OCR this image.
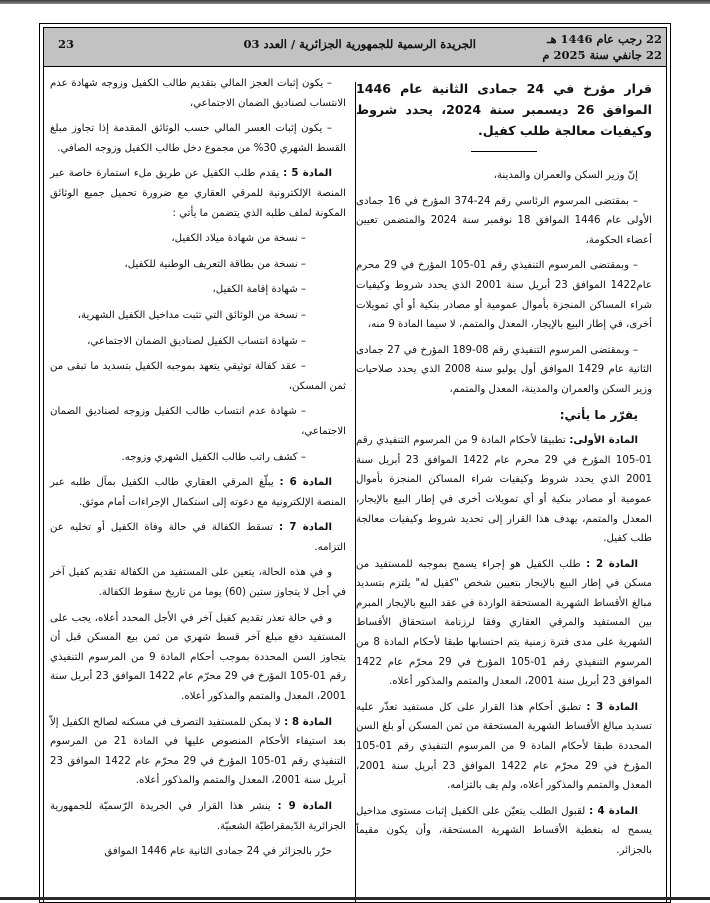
22 رجب عام 1446 هـ
22 جانفي سنة 2025 م
الجريدة الرسمية للجمهورية الجزائرية / العدد 03
23
قرار مؤرخ في 24 جمادى الثانية عام 1446 الموافق 26 ديسمبر سنة 2024، يحدد شروط وكيفيات معالجة طلب كفيل.

إنّ وزير السكن والعمران والمدينة،

– بمقتضى المرسوم الرئاسي رقم 24-374 المؤرخ في 16 جمادى الأولى عام 1446 الموافق 18 نوفمبر سنة 2024 والمتضمن تعيين أعضاء الحكومة،

– وبمقتضى المرسوم التنفيذي رقم 01-105 المؤرخ في 29 محرم عام1422 الموافق 23 أبريل سنة 2001 الذي يحدد شروط وكيفيات شراء المساكن المنجزة بأموال عمومية أو مصادر بنكية أو أي تمويلات أخرى، في إطار البيع بالإيجار، المعدل والمتمم، لا سيما المادة 9 منه،

– وبمقتضى المرسوم التنفيذي رقم 08-189 المؤرخ في 27 جمادى الثانية عام 1429 الموافق أول يوليو سنة 2008 الذي يحدد صلاحيات وزير السكن والعمران والمدينة، المعدل والمتمم،

يقرّر ما يأتي:

المادة الأولى: تطبيقا لأحكام المادة 9 من المرسوم التنفيذي رقم 01-105 المؤرخ في 29 محرم عام 1422 الموافق 23 أبريل سنة 2001 الذي يحدد شروط وكيفيات شراء المساكن المنجزة بأموال عمومية أو مصادر بنكية أو أي تمويلات أخرى في إطار البيع بالإيجار، المعدل والمتمم، يهدف هذا القرار إلى تحديد شروط وكيفيات معالجة طلب كفيل.

المادة 2 : طلب الكفيل هو إجراء يسمح بموجبه للمستفيد من مسكن في إطار البيع بالإيجار بتعيين شخص "كفيل له" يلتزم بتسديد مبالغ الأقساط الشهرية المستحقة الواردة في عقد البيع بالإيجار المبرم بين المستفيد والمرقي العقاري وفقا لرزنامة استحقاق الأقساط الشهرية على مدى فترة زمنية يتم احتسابها طبقا لأحكام المادة 8 من المرسوم التنفيذي رقم 01-105 المؤرخ في 29 محرّم عام 1422 الموافق 23 أبريل سنة 2001، المعدل والمتمم والمذكور أعلاه.

المادة 3 : تطبق أحكام هذا القرار على كل مستفيد تعذّر عليه تسديد مبالغ الأقساط الشهرية المستحقة من ثمن المسكن أو بلغ السن المحددة طبقا لأحكام المادة 9 من المرسوم التنفيذي رقم 01-105 المؤرخ في 29 محرّم عام 1422 الموافق 23 أبريل سنة 2001، المعدل والمتمم والمذكور أعلاه، ولم يف بالتزامه.

المادة 4 : لقبول الطلب يتعيّن على الكفيل إثبات مستوى مداخيل يسمح له بتغطية الأقساط الشهرية المستحقة، وأن يكون مقيماً بالجزائر.

– يكون إثبات العجز المالي بتقديم طالب الكفيل وزوجه شهادة عدم الانتساب لصناديق الضمان الاجتماعي،

– يكون إثبات العسر المالي حسب الوثائق المقدمة إذا تجاوز مبلغ القسط الشهري 30% من مجموع دخل طالب الكفيل وزوجه الصافي.

المادة 5 : يقدم طلب الكفيل عن طريق ملء استمارة خاصة عبر المنصة الإلكترونية للمرقي العقاري مع ضرورة تحميل جميع الوثائق المكونة لملف طلبه الذي يتضمن ما يأتي :

– نسخة من شهادة ميلاد الكفيل،

– نسخة من بطاقة التعريف الوطنية للكفيل،

– شهادة إقامة الكفيل،

– نسخة من الوثائق التي تثبت مداخيل الكفيل الشهرية،

– شهادة انتساب الكفيل لصناديق الضمان الاجتماعي،

– عقد كفالة توثيقي يتعهد بموجبه الكفيل بتسديد ما تبقى من ثمن المسكن،

– شهادة عدم انتساب طالب الكفيل وزوجه لصناديق الضمان الاجتماعي،

– كشف راتب طالب الكفيل الشهري وزوجه.

المادة 6 : يبلّغ المرقي العقاري طالب الكفيل بمآل طلبه عبر المنصة الإلكترونية مع دعوته إلى استكمال الإجراءات أمام موثق.

المادة 7 : تسقط الكفالة في حالة وفاة الكفيل أو تخليه عن التزامه.

و في هذه الحالة، يتعين على المستفيد من الكفالة تقديم كفيل آخر في أجل لا يتجاوز ستين (60) يوما من تاريخ سقوط الكفالة.

و في حالة تعذر تقديم كفيل آخر في الأجل المحدد أعلاه، يجب على المستفيد دفع مبلغ آخر قسط شهري من ثمن بيع المسكن قبل أن يتجاوز السن المحددة بموجب أحكام المادة 9 من المرسوم التنفيذي رقم 01-105 المؤرخ في 29 محرّم عام 1422 الموافق 23 أبريل سنة 2001، المعدل والمتمم والمذكور أعلاه.

المادة 8 : لا يمكن للمستفيد التصرف في مسكنه لصالح الكفيل إلاّ بعد استيفاء الأحكام المنصوص عليها في المادة 21 من المرسوم التنفيذي رقم 01-105 المؤرخ في 29 محرّم عام 1422 الموافق 23 أبريل سنة 2001، المعدل والمتمم والمذكور أعلاه.

المادة 9 : ينشر هذا القرار في الجريدة الرّسميّة للجمهورية الجزائرية الدّيمقراطيّة الشعبيّة.

حرّر بالجزائر في 24 جمادى الثانية عام 1446 الموافق
